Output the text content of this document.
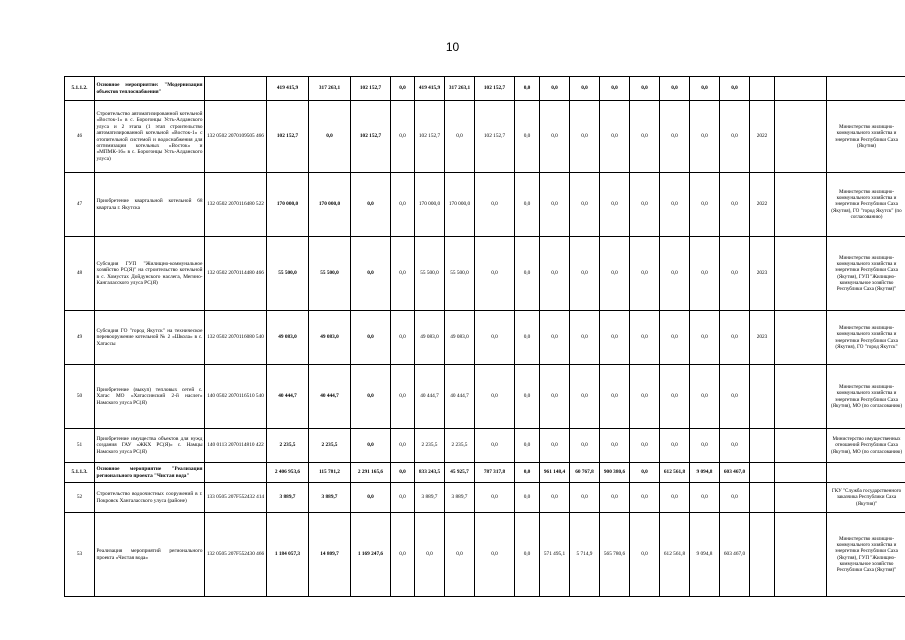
10
5.1.1.2.	Основное мероприятие: "Модернизация объектов теплоснабжения"		419 415,9	317 263,1	102 152,7	0,0	419 415,9	317 263,1	102 152,7	0,0	0,0	0,0	0,0	0,0	0,0	0,0	0,0			
46	Строительство автоматизированной котельной «Восток-1» в с. Борогонцы Усть-Алданского улуса и 2 этапа (1 этап строительство автоматизированной котельной «Восток-1» с отопительной системой и водоснабжения для оптимизации котельных «Восток» и «МПМК-16» в с. Борогонцы Усть-Алданского улуса)	132 0502 2070109505 466	102 152,7	0,0	102 152,7	0,0	102 152,7	0,0	102 152,7	0,0	0,0	0,0	0,0	0,0	0,0	0,0	0,0	2022		Министерство жилищно-коммунального хозяйства и энергетики Республики Саха (Якутия)
47	Приобретение квартальной котельной 68 квартала г. Якутска	132 0502 2070116480 522	170 000,0	170 000,0	0,0	0,0	170 000,0	170 000,0	0,0	0,0	0,0	0,0	0,0	0,0	0,0	0,0	0,0	2022		Министерство жилищно-коммунального хозяйства и энергетики Республики Саха (Якутия), ГО "город Якутск" (по согласованию)
48	Субсидия ГУП "Жилищно-коммунальное хозяйство РС(Я)" на строительство котельной в с. Хомустах Дойдунского наслега, Мегино-Кангаласского улуса РС(Я)	132 0502 2070114480 466	55 500,0	55 500,0	0,0	0,0	55 500,0	55 500,0	0,0	0,0	0,0	0,0	0,0	0,0	0,0	0,0	0,0	2023		Министерство жилищно-коммунального хозяйства и энергетики Республики Саха (Якутия), ГУП "Жилищно-коммунальное хозяйство Республики Саха (Якутия)"
49	Субсидия ГО "город Якутск" на техническое перевооружение котельной № 2 «Школа» в с. Хатассы	132 0502 2070116080 540	49 083,0	49 083,0	0,0	0,0	49 083,0	49 083,0	0,0	0,0	0,0	0,0	0,0	0,0	0,0	0,0	0,0	2023		Министерство жилищно-коммунального хозяйства и энергетики Республики Саха (Якутия), ГО "город Якутск"
50	Приобретение (выкуп) тепловых сетей с. Хатас МО «Хатассинский 2-й наслег» Намского улуса РС(Я)	140 0502 2070116510 540	40 444,7	40 444,7	0,0	0,0	40 444,7	40 444,7	0,0	0,0	0,0	0,0	0,0	0,0	0,0	0,0	0,0			Министерство жилищно-коммунального хозяйства и энергетики Республики Саха (Якутия), МО (по согласованию)
51	Приобретение имущества объектов для нужд создания ГАУ «ЖКХ РС(Я)» с. Намцы Намского улуса РС(Я)	140 0113 2070114810 422	2 235,5	2 235,5	0,0	0,0	2 235,5	2 235,5	0,0	0,0	0,0	0,0	0,0	0,0	0,0	0,0	0,0			Министерство имущественных отношений Республики Саха (Якутия), МО (по согласованию)
5.1.1.3.	Основное мероприятие "Реализация регионального проекта "Чистая вода"		2 406 953,6	115 781,2	2 291 165,6	0,0	833 243,5	45 925,7	787 317,8	0,0	961 148,4	60 767,8	900 380,6	0,0	612 561,8	9 094,8	603 467,0			
52	Строительство водоочистных сооружений в г. Покровск Хангаласского улуса (районе)	133 0505 207F552432 414	3 889,7	3 889,7	0,0	0,0	3 889,7	3 889,7	0,0	0,0	0,0	0,0	0,0	0,0	0,0	0,0	0,0			ГКУ "Служба государственного заказчика Республики Саха (Якутия)"
53	Реализация мероприятий регионального проекта «Чистая вода»	132 0505 207F552430 466	1 184 057,3	14 809,7	1 169 247,6	0,0	0,0	0,0	0,0	0,0	571 495,1	5 714,9	565 780,6	0,0	612 561,8	9 094,8	603 467,0			Министерство жилищно-коммунального хозяйства и энергетики Республики Саха (Якутия), ГУП "Жилищно-коммунальное хозяйство Республики Саха (Якутия)"
